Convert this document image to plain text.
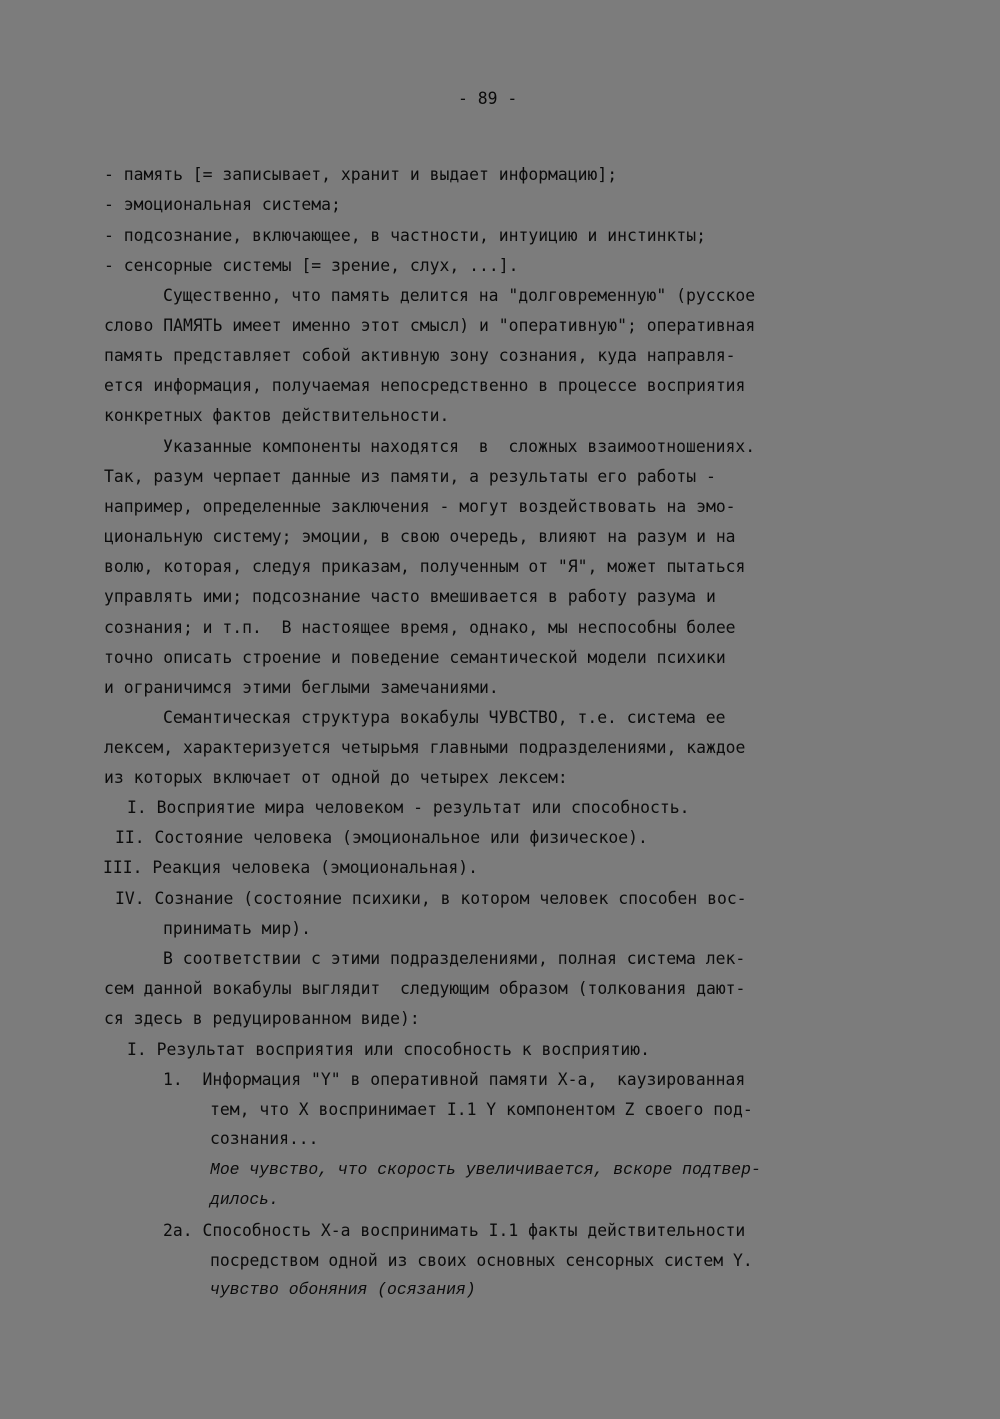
- 89 -

- память [= записывает, хранит и выдает информацию];

- эмоциональная система;

- подсознание, включающее, в частности, интуицию и инстинкты;

- сенсорные системы [= зрение, слух, ...].

Существенно, что память делится на "долговременную" (русское

слово ПАМЯТЬ имеет именно этот смысл) и "оперативную"; оперативная

память представляет собой активную зону сознания, куда направля-

ется информация, получаемая непосредственно в процессе восприятия

конкретных фактов действительности.

Указанные компоненты находятся  в  сложных взаимоотношениях.

Так, разум черпает данные из памяти, а результаты его работы -

например, определенные заключения - могут воздействовать на эмо-

циональную систему; эмоции, в свою очередь, влияют на разум и на

волю, которая, следуя приказам, полученным от "Я", может пытаться

управлять ими; подсознание часто вмешивается в работу разума и

сознания; и т.п.  В настоящее время, однако, мы неспособны более

точно описать строение и поведение семантической модели психики

и ограничимся этими беглыми замечаниями.

Семантическая структура вокабулы ЧУВСТВО, т.е. система ее

лексем, характеризуется четырьмя главными подразделениями, каждое

из которых включает от одной до четырех лексем:

I. Восприятие мира человеком - результат или способность.

II. Состояние человека (эмоциональное или физическое).

III. Реакция человека (эмоциональная).

IV. Сознание (состояние психики, в котором человек способен вос-

принимать мир).

В соответствии с этими подразделениями, полная система лек-

сем данной вокабулы выглядит  следующим образом (толкования дают-

ся здесь в редуцированном виде):

I. Результат восприятия или способность к восприятию.

1.  Информация "Y" в оперативной памяти Х-а,  каузированная

тем, что Х воспринимает I.1 Y компонентом Z своего под-

сознания...

Мое чувство, что скорость увеличивается, вскоре подтвер-

дилось.

2а. Способность Х-а воспринимать I.1 факты действительности

посредством одной из своих основных сенсорных систем Y.

чувство обоняния (осязания)
